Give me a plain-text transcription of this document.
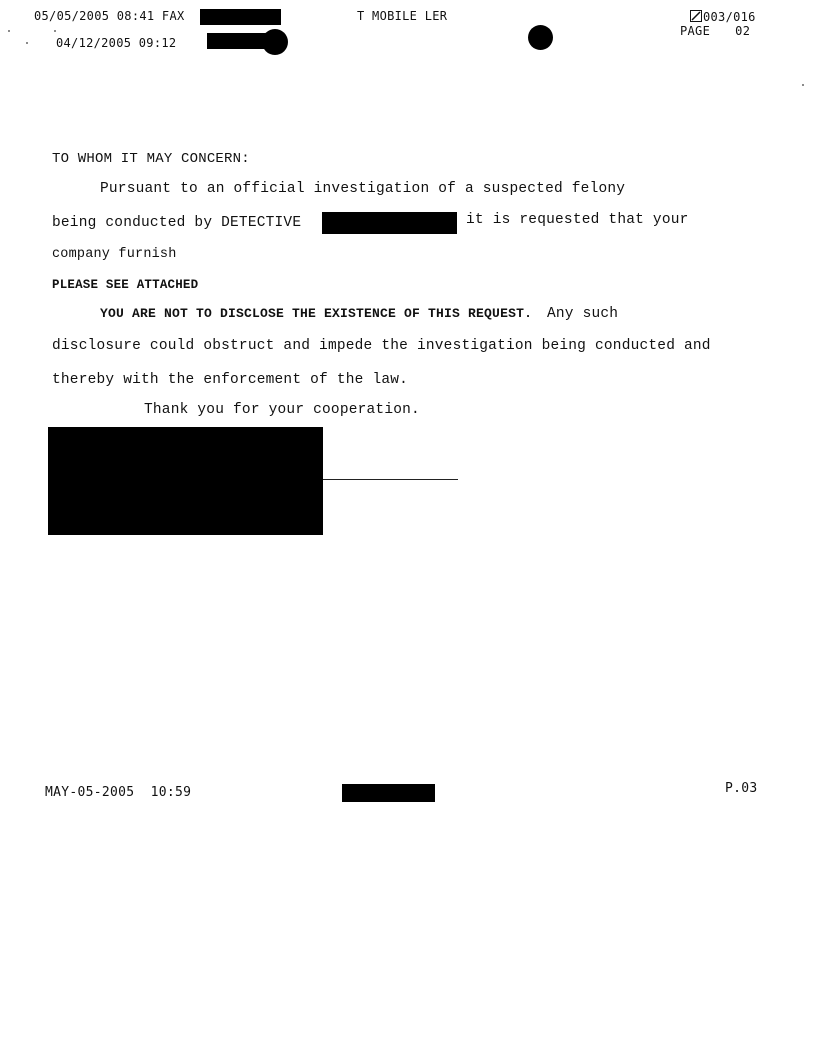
05/05/2005 08:41 FAX	T MOBILE LER	003/016
04/12/2005 09:12
PAGE 02
TO WHOM IT MAY CONCERN:
Pursuant to an official investigation of a suspected felony
being conducted by DETECTIVE	it is requested that your
company furnish
PLEASE SEE ATTACHED
YOU ARE NOT TO DISCLOSE THE EXISTENCE OF THIS REQUEST. Any such
disclosure could obstruct and impede the investigation being conducted and
thereby with the enforcement of the law.
Thank you for your cooperation.
MAY-05-2005  10:59	P.03
